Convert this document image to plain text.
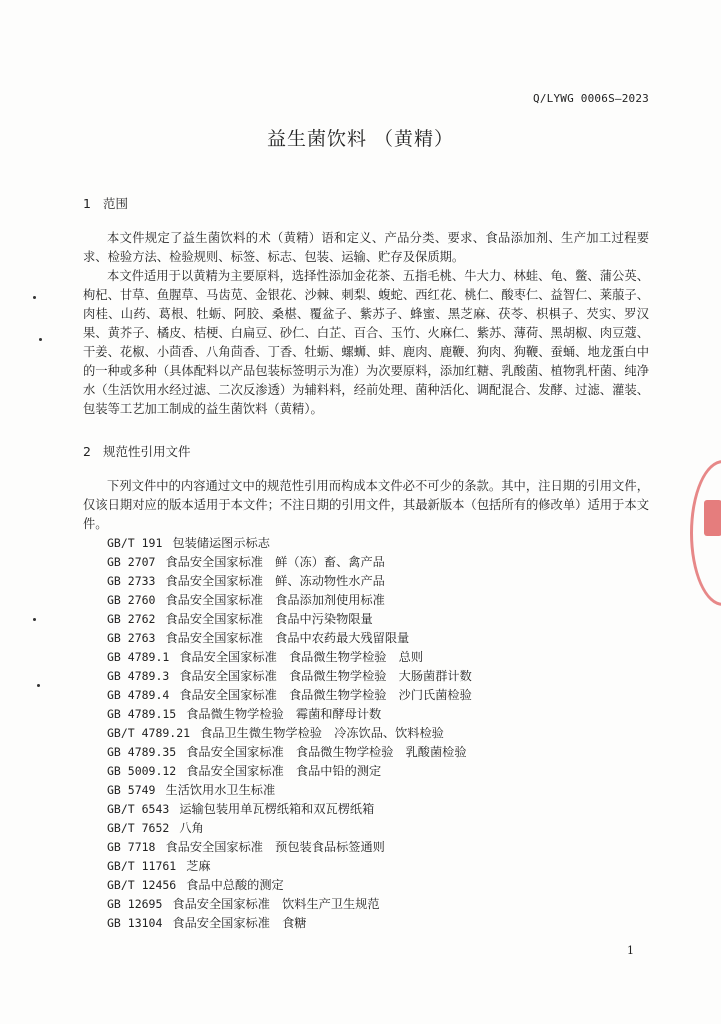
Q/LYWG 0006S—2023
益生菌饮料 （黄精）
1 范围

本文件规定了益生菌饮料的术（黄精）语和定义、产品分类、要求、食品添加剂、生产加工过程要求、检验方法、检验规则、标签、标志、包装、运输、贮存及保质期。

本文件适用于以黄精为主要原料，选择性添加金花茶、五指毛桃、牛大力、林蛙、龟、鳖、蒲公英、枸杞、甘草、鱼腥草、马齿苋、金银花、沙棘、刺梨、蝮蛇、西红花、桃仁、酸枣仁、益智仁、莱菔子、肉桂、山药、葛根、牡蛎、阿胶、桑椹、覆盆子、紫苏子、蜂蜜、黑芝麻、茯苓、枳椇子、芡实、罗汉果、黄芥子、橘皮、桔梗、白扁豆、砂仁、白芷、百合、玉竹、火麻仁、紫苏、薄荷、黑胡椒、肉豆蔻、干姜、花椒、小茴香、八角茴香、丁香、牡蛎、螺蛳、蚌、鹿肉、鹿鞭、狗肉、狗鞭、蚕蛹、地龙蛋白中的一种或多种（具体配料以产品包装标签明示为准）为次要原料，添加红糖、乳酸菌、植物乳杆菌、纯净水（生活饮用水经过滤、二次反渗透）为辅料料，经前处理、菌种活化、调配混合、发酵、过滤、灌装、包装等工艺加工制成的益生菌饮料（黄精）。

2 规范性引用文件

下列文件中的内容通过文中的规范性引用而构成本文件必不可少的条款。其中，注日期的引用文件，仅该日期对应的版本适用于本文件；不注日期的引用文件，其最新版本（包括所有的修改单）适用于本文件。

GB/T 191 包装储运图示标志
GB 2707 食品安全国家标准　鲜（冻）畜、禽产品
GB 2733 食品安全国家标准　鲜、冻动物性水产品
GB 2760 食品安全国家标准　食品添加剂使用标准
GB 2762 食品安全国家标准　食品中污染物限量
GB 2763 食品安全国家标准　食品中农药最大残留限量
GB 4789.1 食品安全国家标准　食品微生物学检验　总则
GB 4789.3 食品安全国家标准　食品微生物学检验　大肠菌群计数
GB 4789.4 食品安全国家标准　食品微生物学检验　沙门氏菌检验
GB 4789.15 食品微生物学检验　霉菌和酵母计数
GB/T 4789.21 食品卫生微生物学检验　冷冻饮品、饮料检验
GB 4789.35 食品安全国家标准　食品微生物学检验　乳酸菌检验
GB 5009.12 食品安全国家标准　食品中铅的测定
GB 5749 生活饮用水卫生标准
GB/T 6543 运输包装用单瓦楞纸箱和双瓦楞纸箱
GB/T 7652 八角
GB 7718 食品安全国家标准　预包装食品标签通则
GB/T 11761 芝麻
GB/T 12456 食品中总酸的测定
GB 12695 食品安全国家标准　饮料生产卫生规范
GB 13104 食品安全国家标准　食糖
1
